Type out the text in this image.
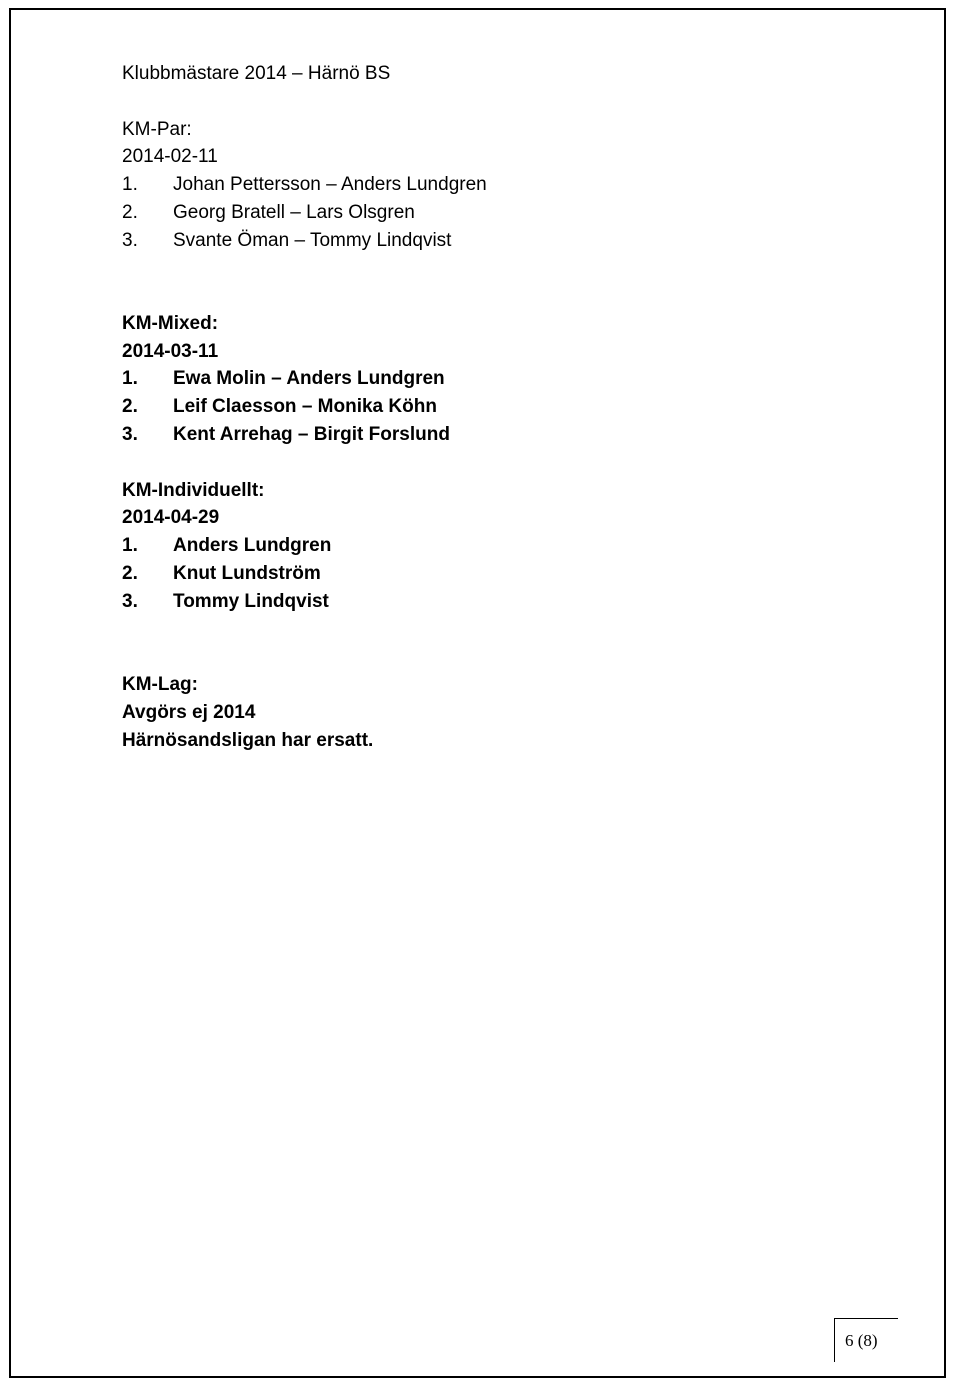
Klubbmästare 2014 – Härnö BS
KM-Par:
2014-02-11
1. Johan Pettersson – Anders Lundgren
2. Georg Bratell – Lars Olsgren
3. Svante Öman – Tommy Lindqvist
KM-Mixed:
2014-03-11
1. Ewa Molin – Anders Lundgren
2. Leif Claesson – Monika Köhn
3. Kent Arrehag – Birgit Forslund
KM-Individuellt:
2014-04-29
1. Anders Lundgren
2. Knut Lundström
3. Tommy Lindqvist
KM-Lag:
Avgörs ej 2014
Härnösandsligan har ersatt.
6 (8)
